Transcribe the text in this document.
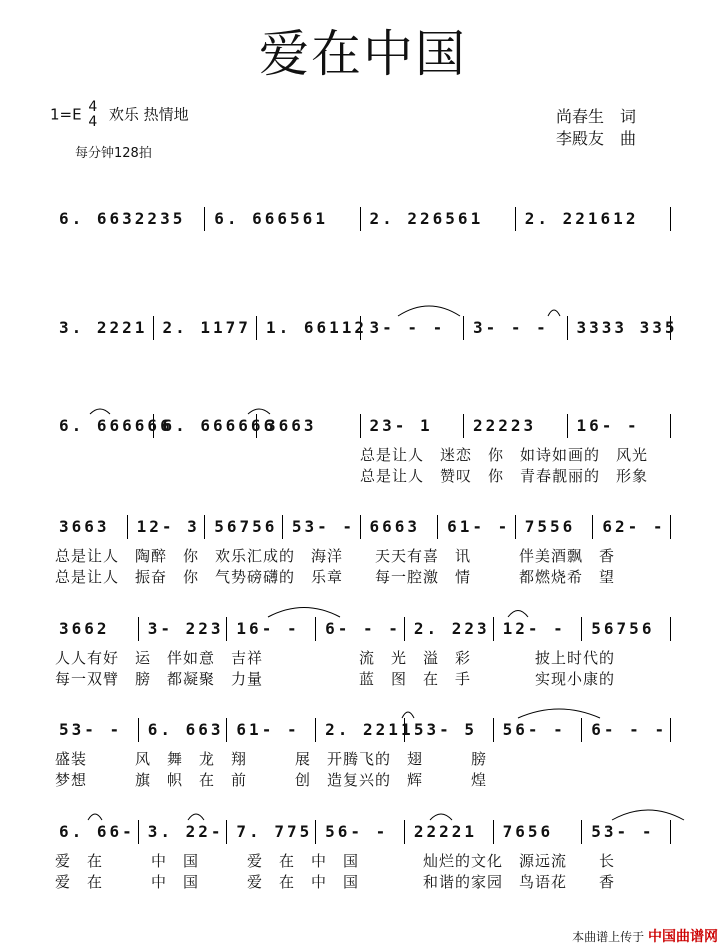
爱在中国
1=E 4
4 欢乐 热情地
每分钟128拍
尚春生　词
李殿友　曲
6. 6632235 6. 666561	2. 226561	2. 221612
3. 2221 2. 1177 1. 66112 3- - - 3- - - 3333 335
6. 666666
6. 666666
3663	23- 1	22223	16- -
总是让人　迷恋　你　如诗如画的　风光
总是让人　赞叹　你　青春靓丽的　形象
3663 12- 3 56756 53- - 6663 61- - 7556 62- -
总是让人　陶醉　你　欢乐汇成的　海洋　　天天有喜　讯　　　伴美酒飘　香
总是让人　振奋　你　气势磅礴的　乐章　　每一腔激　情　　　都燃烧希　望
3662 3- 223 16- - 6- - - 2. 223 12- - 56756
人人有好　运　伴如意　吉祥　　　　　　流　光　溢　彩　　　　披上时代的
每一双臂　膀　都凝聚　力量　　　　　　蓝　图　在　手　　　　实现小康的
53- - 6. 663 61- - 2. 2211 53- 5 56- - 6- - -
盛装　　　风　舞　龙　翔　　　展　开腾飞的　翅　　　膀
梦想　　　旗　帜　在　前　　　创　造复兴的　辉　　　煌
6. 66- 3. 22- 7. 775 56- - 22221 7656 53- -
爱　在　　　中　国　　　爱　在　中　国　　　　灿烂的文化　源远流　　长
爱　在　　　中　国　　　爱　在　中　国　　　　和谐的家园　鸟语花　　香
本曲谱上传于 中国曲谱网
